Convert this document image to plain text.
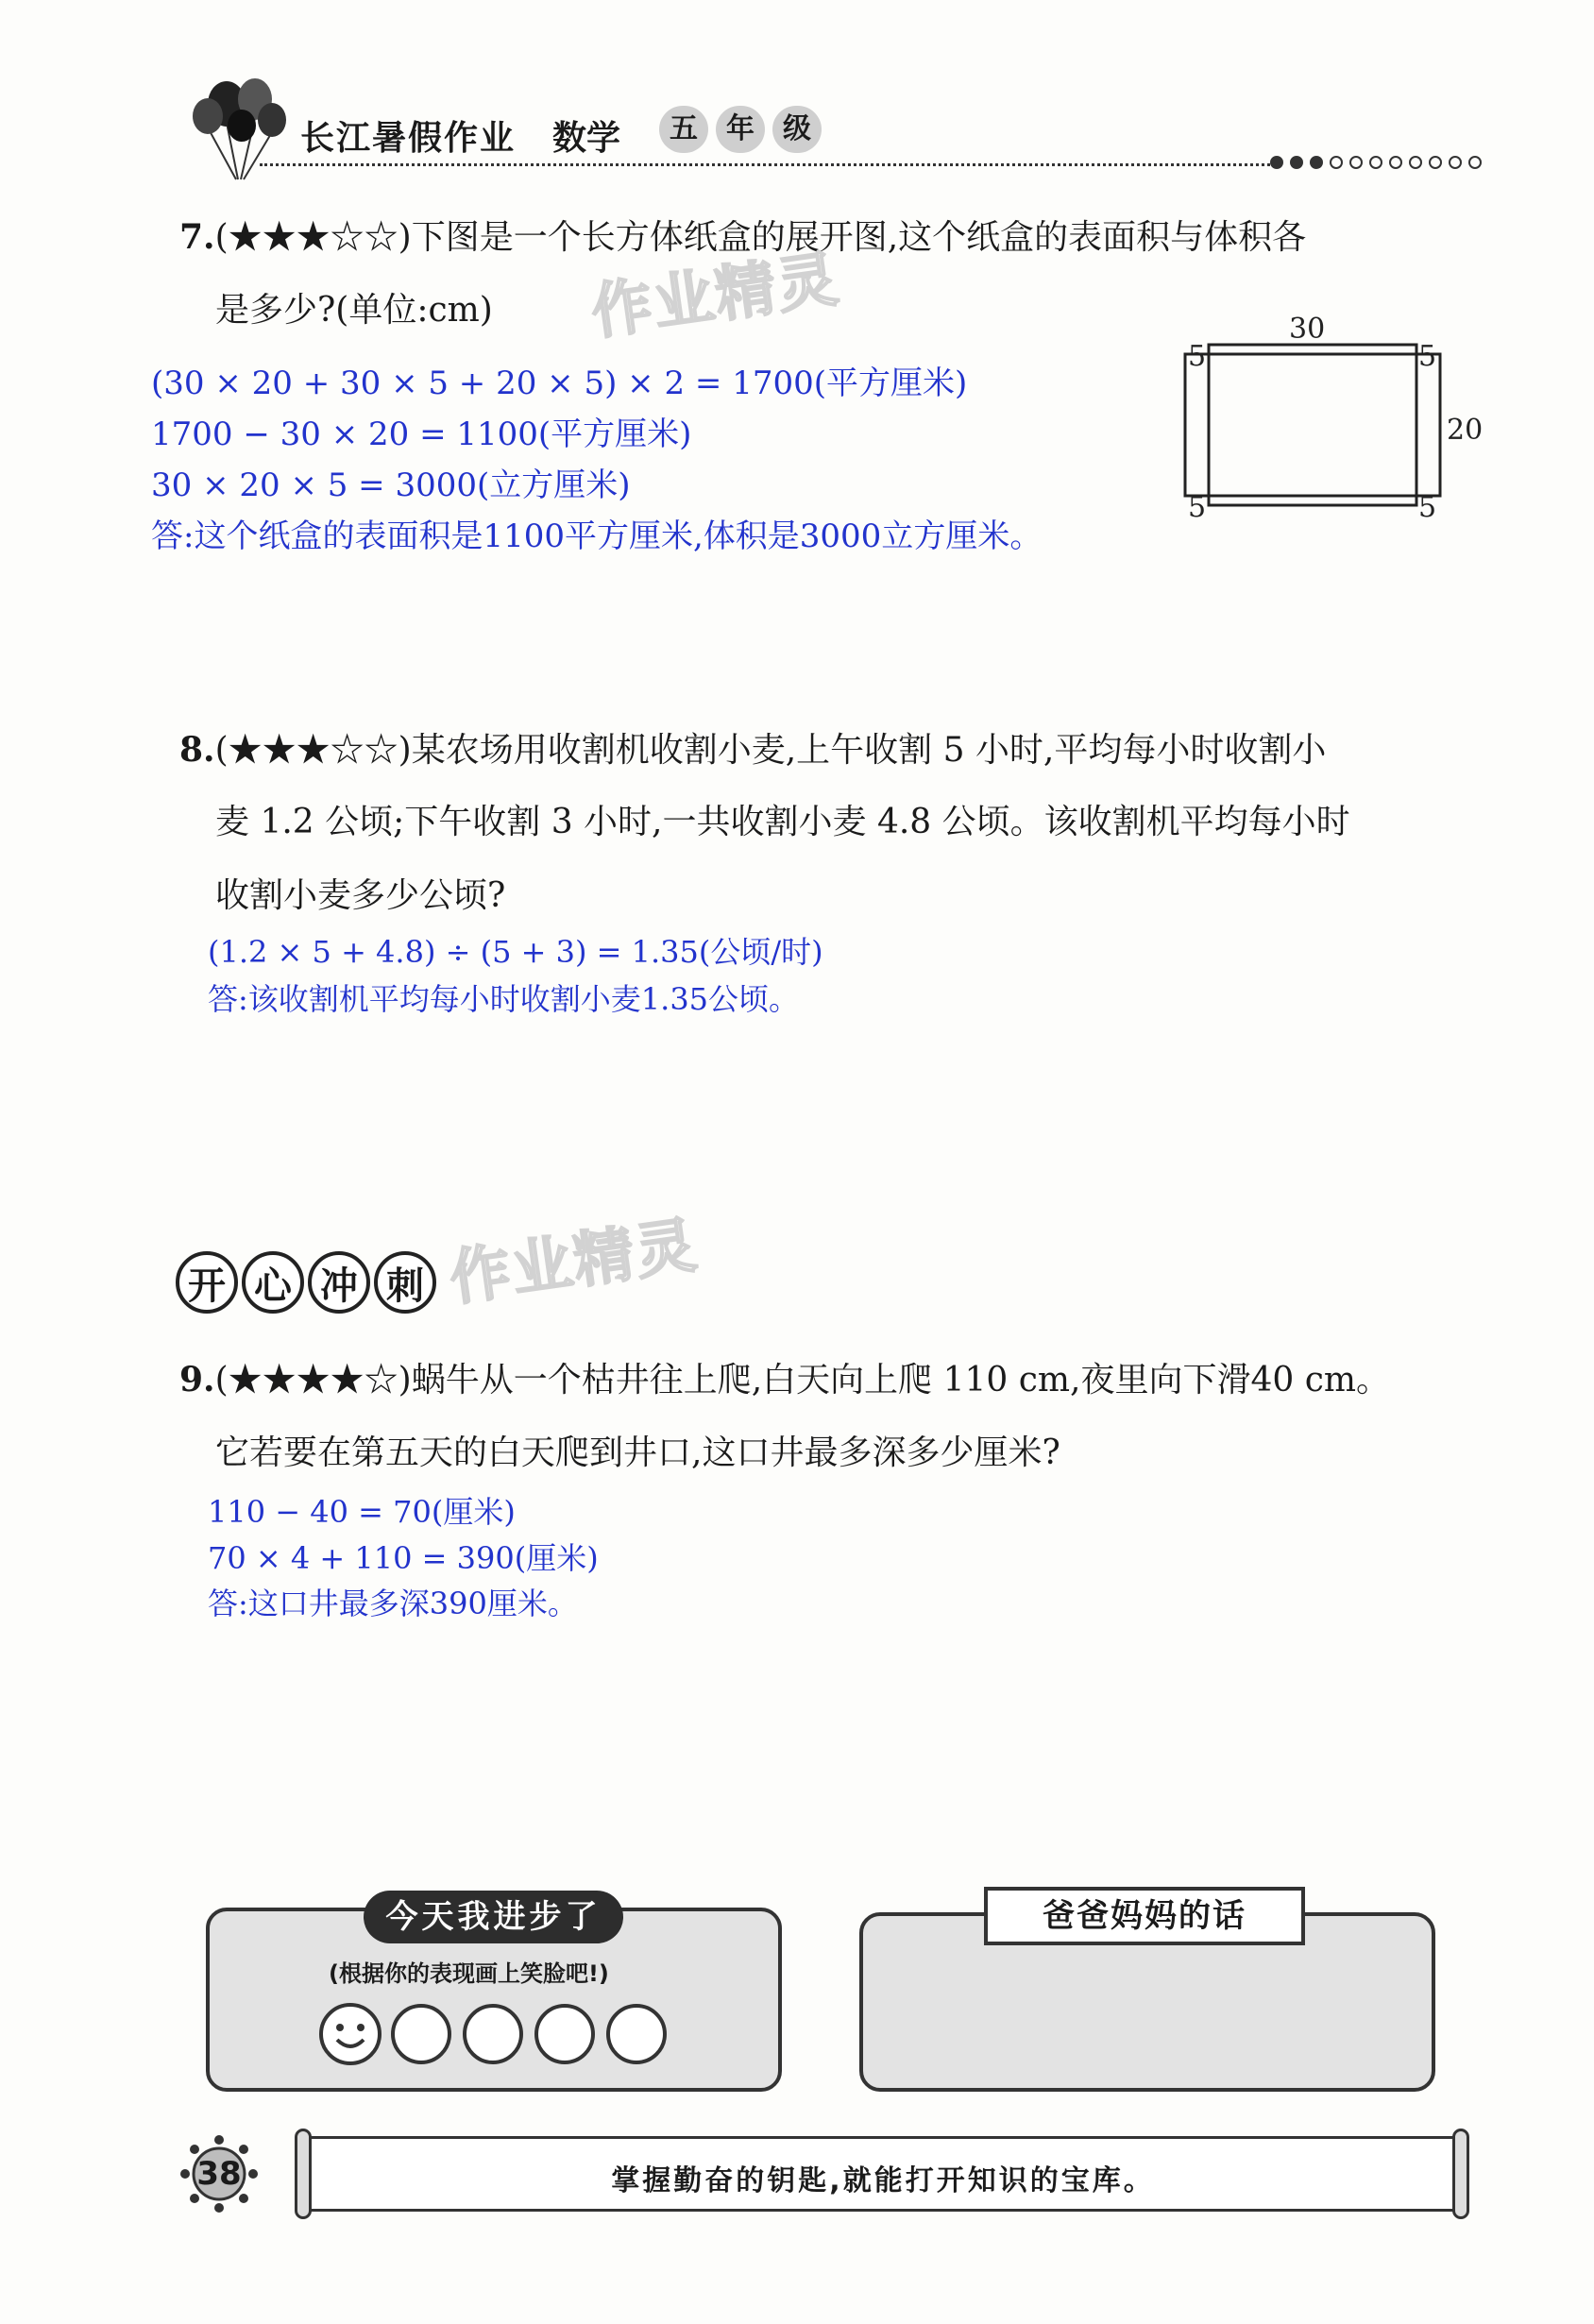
长江暑假作业 数学	五	年	级
作业精灵
作业精灵
7.(★★★☆☆)下图是一个长方体纸盒的展开图,这个纸盒的表面积与体积各
是多少?(单位:cm)
(30 × 20 + 30 × 5 + 20 × 5) × 2 = 1700(平方厘米)
1700 − 30 × 20 = 1100(平方厘米)
30 × 20 × 5 = 3000(立方厘米)
答:这个纸盒的表面积是1100平方厘米,体积是3000立方厘米。
30
5	5
20
5	5
8.(★★★☆☆)某农场用收割机收割小麦,上午收割 5 小时,平均每小时收割小
麦 1.2 公顷;下午收割 3 小时,一共收割小麦 4.8 公顷。该收割机平均每小时
收割小麦多少公顷?
(1.2 × 5 + 4.8) ÷ (5 + 3) = 1.35(公顷/时)
答:该收割机平均每小时收割小麦1.35公顷。
开 心 冲 刺
9.(★★★★☆)蜗牛从一个枯井往上爬,白天向上爬 110 cm,夜里向下滑40 cm。
它若要在第五天的白天爬到井口,这口井最多深多少厘米?
110 − 40 = 70(厘米)
70 × 4 + 110 = 390(厘米)
答:这口井最多深390厘米。
今天我进步了
(根据你的表现画上笑脸吧!)
爸爸妈妈的话
38	掌握勤奋的钥匙,就能打开知识的宝库。
